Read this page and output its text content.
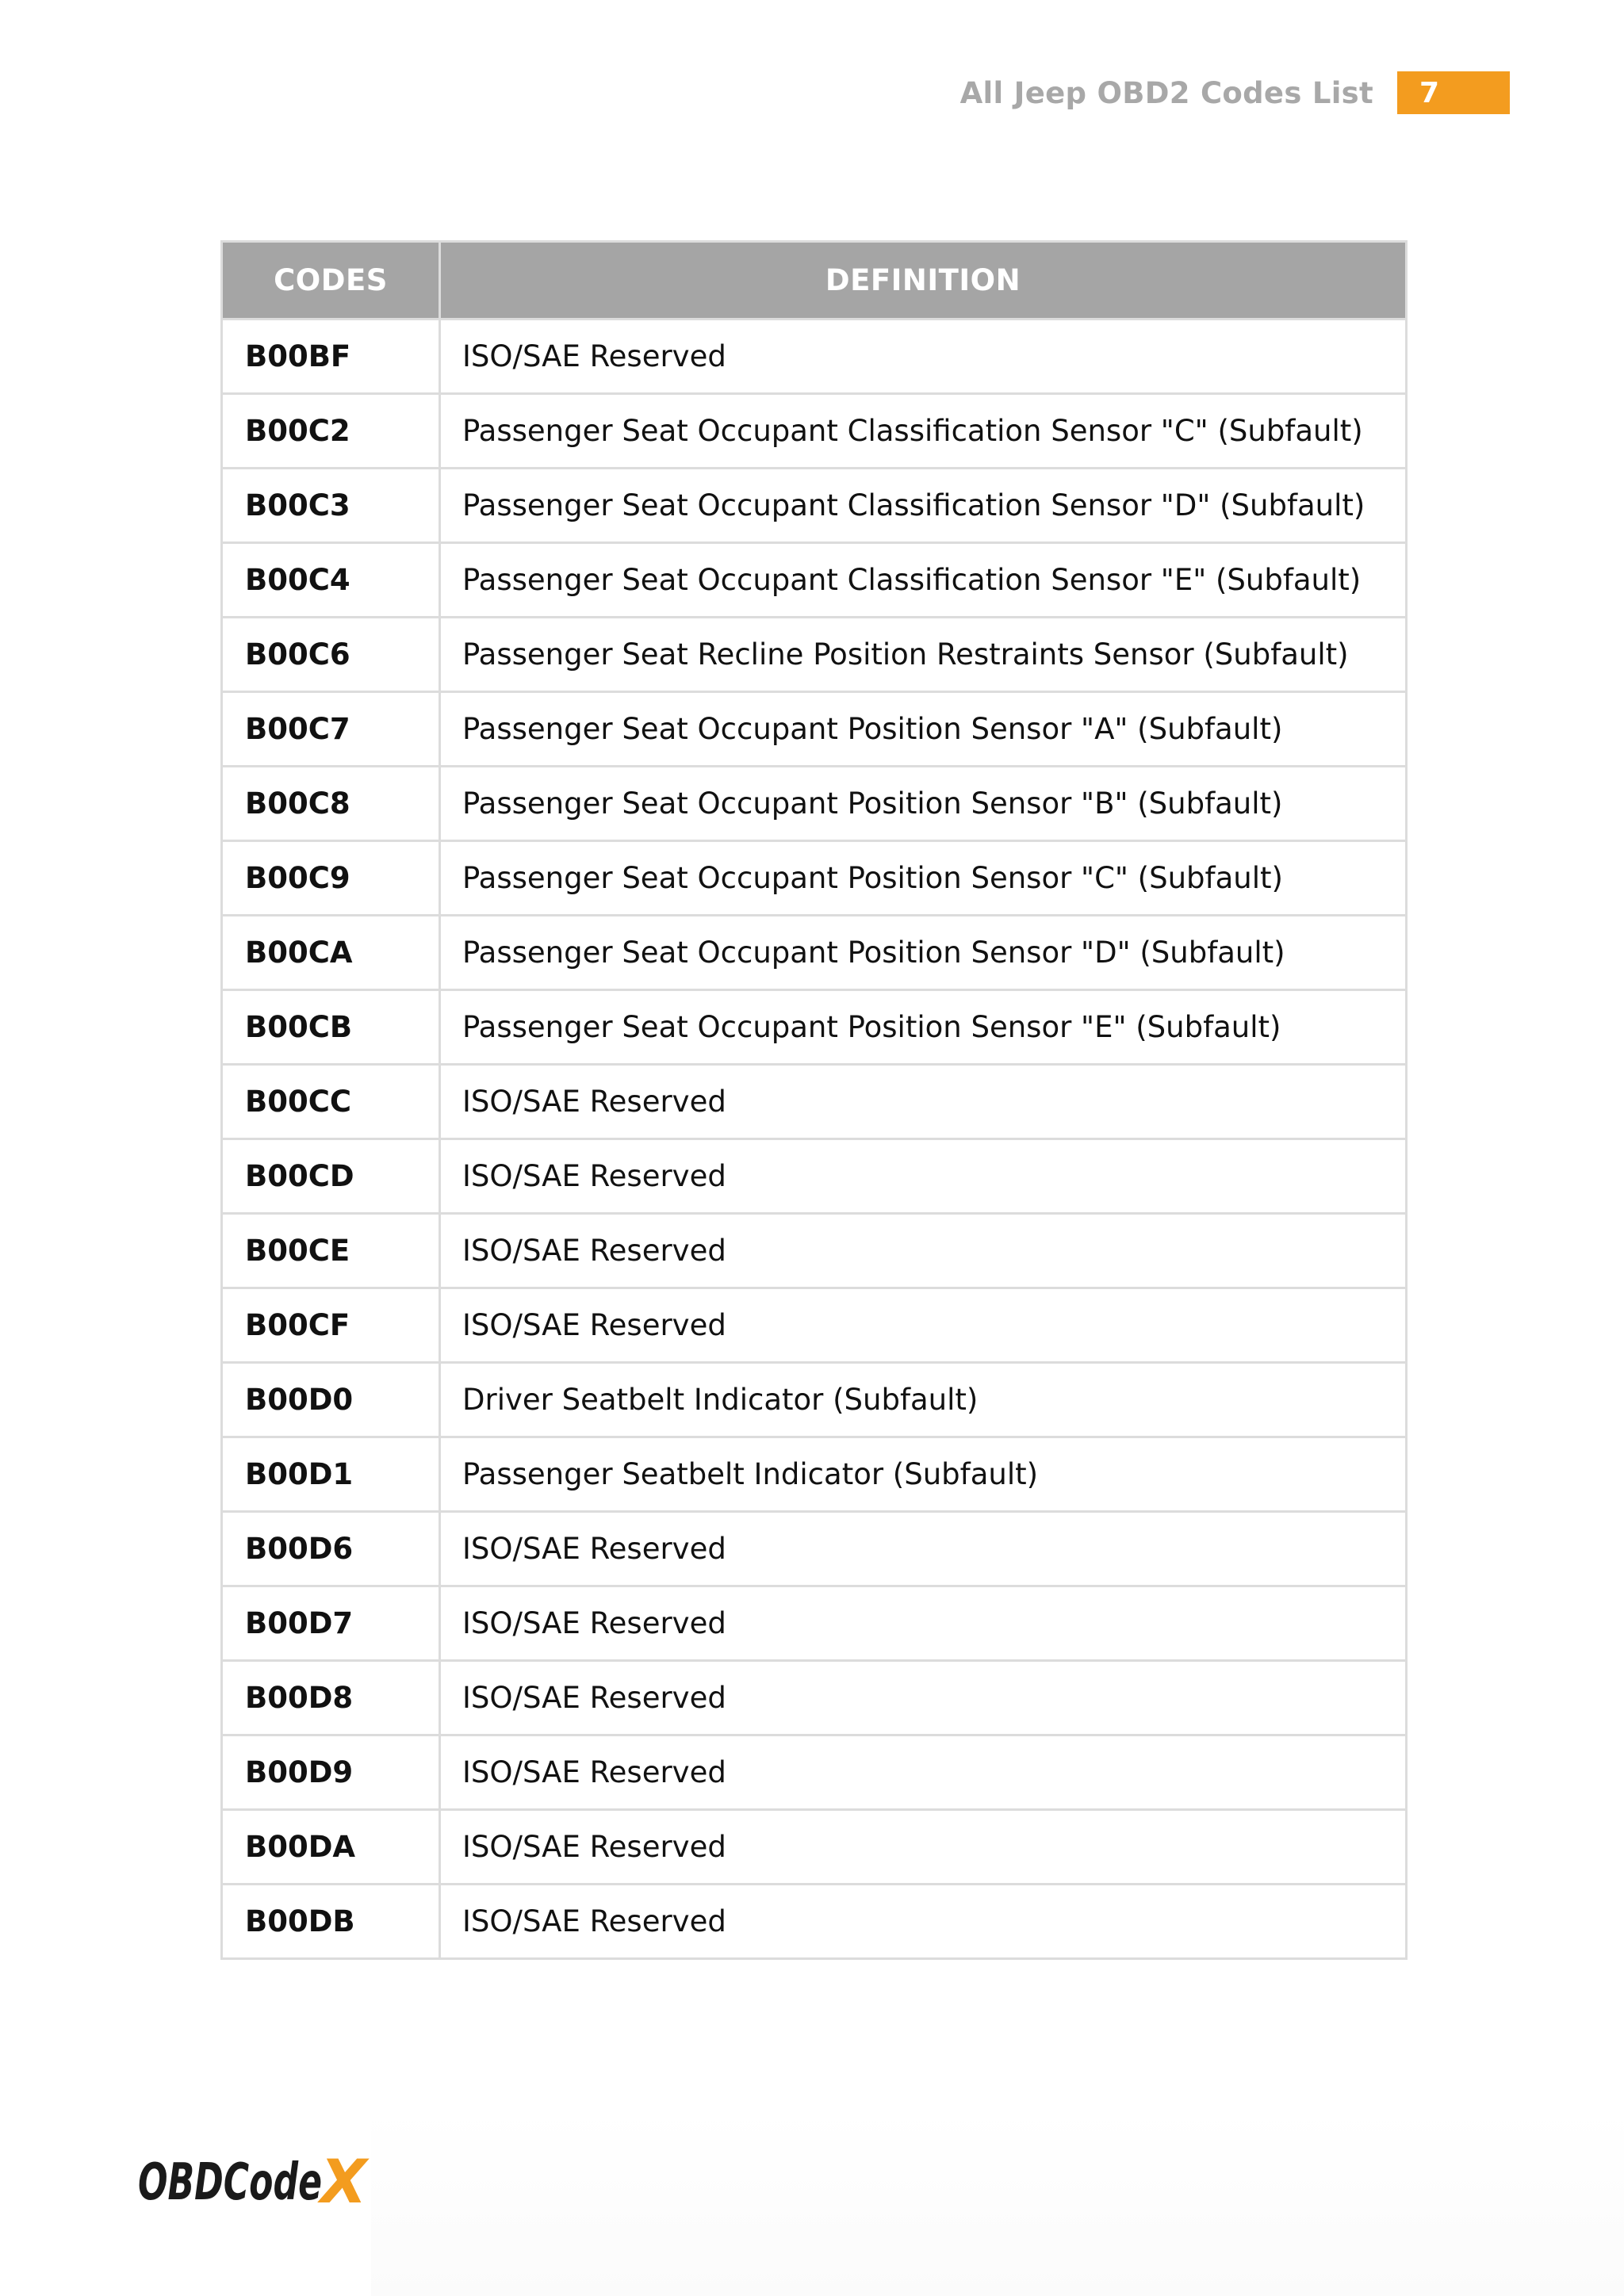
All Jeep OBD2 Codes List 7
CODES	DEFINITION
B00BF	ISO/SAE Reserved
B00C2	Passenger Seat Occupant Classification Sensor "C" (Subfault)
B00C3	Passenger Seat Occupant Classification Sensor "D" (Subfault)
B00C4	Passenger Seat Occupant Classification Sensor "E" (Subfault)
B00C6	Passenger Seat Recline Position Restraints Sensor (Subfault)
B00C7	Passenger Seat Occupant Position Sensor "A" (Subfault)
B00C8	Passenger Seat Occupant Position Sensor "B" (Subfault)
B00C9	Passenger Seat Occupant Position Sensor "C" (Subfault)
B00CA	Passenger Seat Occupant Position Sensor "D" (Subfault)
B00CB	Passenger Seat Occupant Position Sensor "E" (Subfault)
B00CC	ISO/SAE Reserved
B00CD	ISO/SAE Reserved
B00CE	ISO/SAE Reserved
B00CF	ISO/SAE Reserved
B00D0	Driver Seatbelt Indicator (Subfault)
B00D1	Passenger Seatbelt Indicator (Subfault)
B00D6	ISO/SAE Reserved
B00D7	ISO/SAE Reserved
B00D8	ISO/SAE Reserved
B00D9	ISO/SAE Reserved
B00DA	ISO/SAE Reserved
B00DB	ISO/SAE Reserved
OBDCode
X
